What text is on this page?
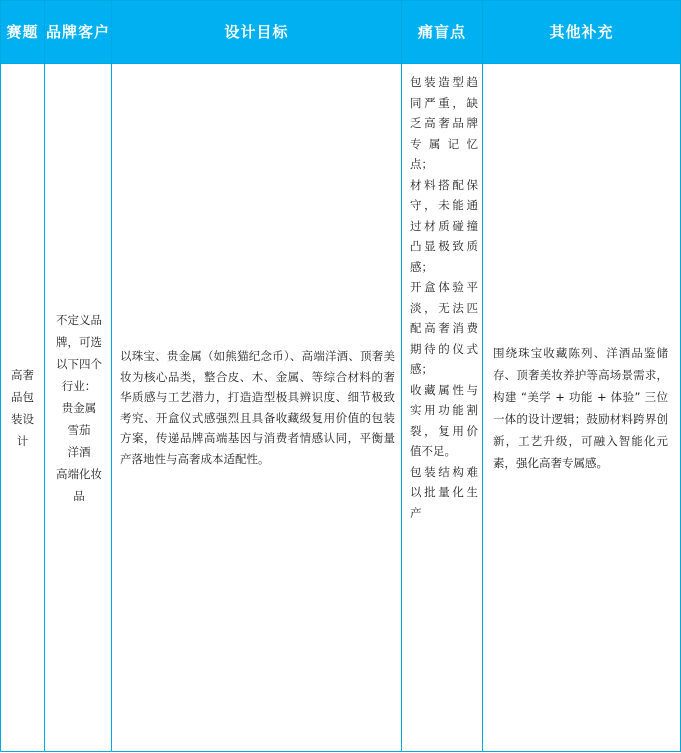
赛题	品牌客户	设计目标	痛盲点	其他补充

高奢品包装设计	不定义品牌，可选以下四个行业：
贵金属
雪茄
洋酒
高端化妆品	以珠宝、贵金属（如熊猫纪念币）、高端洋酒、顶奢美妆为核心品类，整合皮、木、金属、等综合材料的奢华质感与工艺潜力，打造造型极具辨识度、细节极致考究、开盒仪式感强烈且具备收藏级复用价值的包装方案，传递品牌高端基因与消费者情感认同，平衡量产落地性与高奢成本适配性。	包装造型趋同严重，缺乏高奢品牌专属记忆点；
材料搭配保守，未能通过材质碰撞凸显极致质感；
开盒体验平淡，无法匹配高奢消费期待的仪式感；
收藏属性与实用功能割裂，复用价值不足。
包装结构难以批量化生产	围绕珠宝收藏陈列、洋酒品鉴储存、顶奢美妆养护等高场景需求，构建 “美学 + 功能 + 体验” 三位一体的设计逻辑；鼓励材料跨界创新，工艺升级，可融入智能化元素，强化高奢专属感。
